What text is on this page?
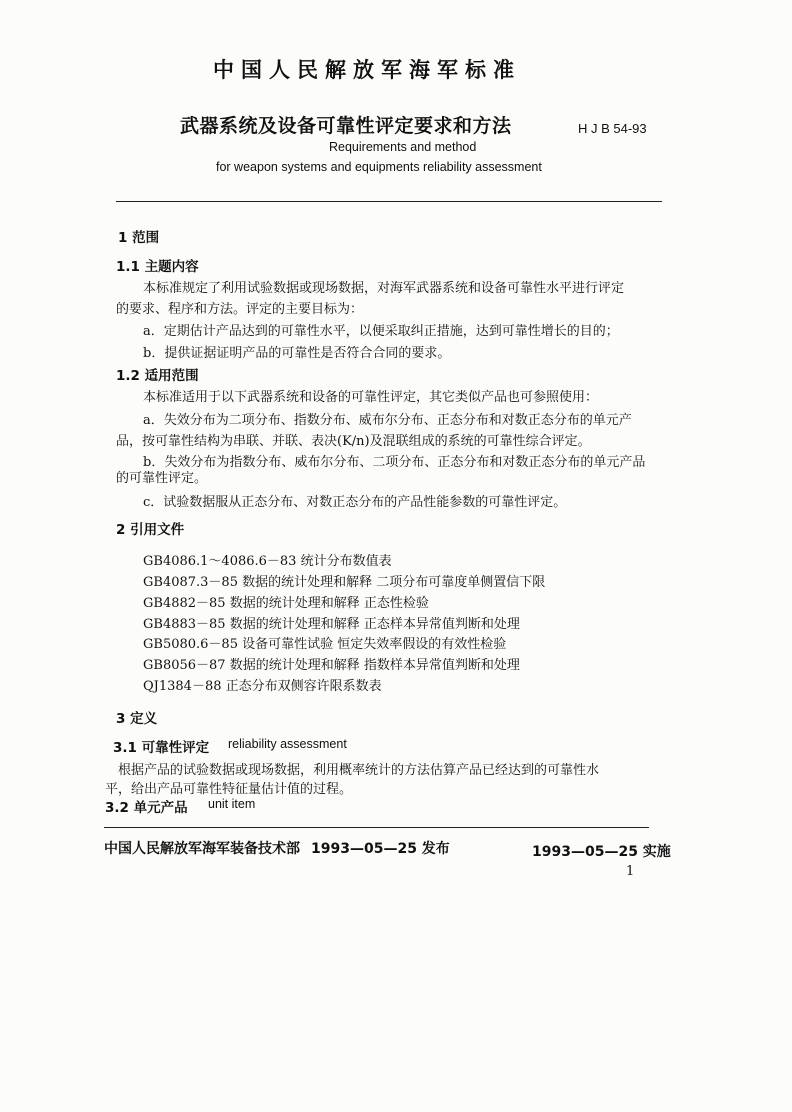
中国人民解放军海军标准
武器系统及设备可靠性评定要求和方法	H J B 54-93
Requirements and method
for weapon systems and equipments reliability assessment
1 范围
1.1 主题内容
本标准规定了利用试验数据或现场数据，对海军武器系统和设备可靠性水平进行评定
的要求、程序和方法。评定的主要目标为：
a．定期估计产品达到的可靠性水平，以便采取纠正措施，达到可靠性增长的目的；
b．提供证据证明产品的可靠性是否符合合同的要求。
1.2 适用范围
本标准适用于以下武器系统和设备的可靠性评定，其它类似产品也可参照使用：
a．失效分布为二项分布、指数分布、威布尔分布、正态分布和对数正态分布的单元产
品，按可靠性结构为串联、并联、表决(K/n)及混联组成的系统的可靠性综合评定。
b．失效分布为指数分布、威布尔分布、二项分布、正态分布和对数正态分布的单元产品
的可靠性评定。
c．试验数据服从正态分布、对数正态分布的产品性能参数的可靠性评定。
2 引用文件
GB4086.1～4086.6－83 统计分布数值表
GB4087.3－85 数据的统计处理和解释 二项分布可靠度单侧置信下限
GB4882－85 数据的统计处理和解释 正态性检验
GB4883－85 数据的统计处理和解释 正态样本异常值判断和处理
GB5080.6－85 设备可靠性试验 恒定失效率假设的有效性检验
GB8056－87 数据的统计处理和解释 指数样本异常值判断和处理
QJ1384－88 正态分布双侧容许限系数表
3 定义
3.1 可靠性评定 reliability assessment
根据产品的试验数据或现场数据，利用概率统计的方法估算产品已经达到的可靠性水
平，给出产品可靠性特征量估计值的过程。
3.2 单元产品 unit item
中国人民解放军海军装备技术部 1993—05—25 发布	1993—05—25 实施
1
